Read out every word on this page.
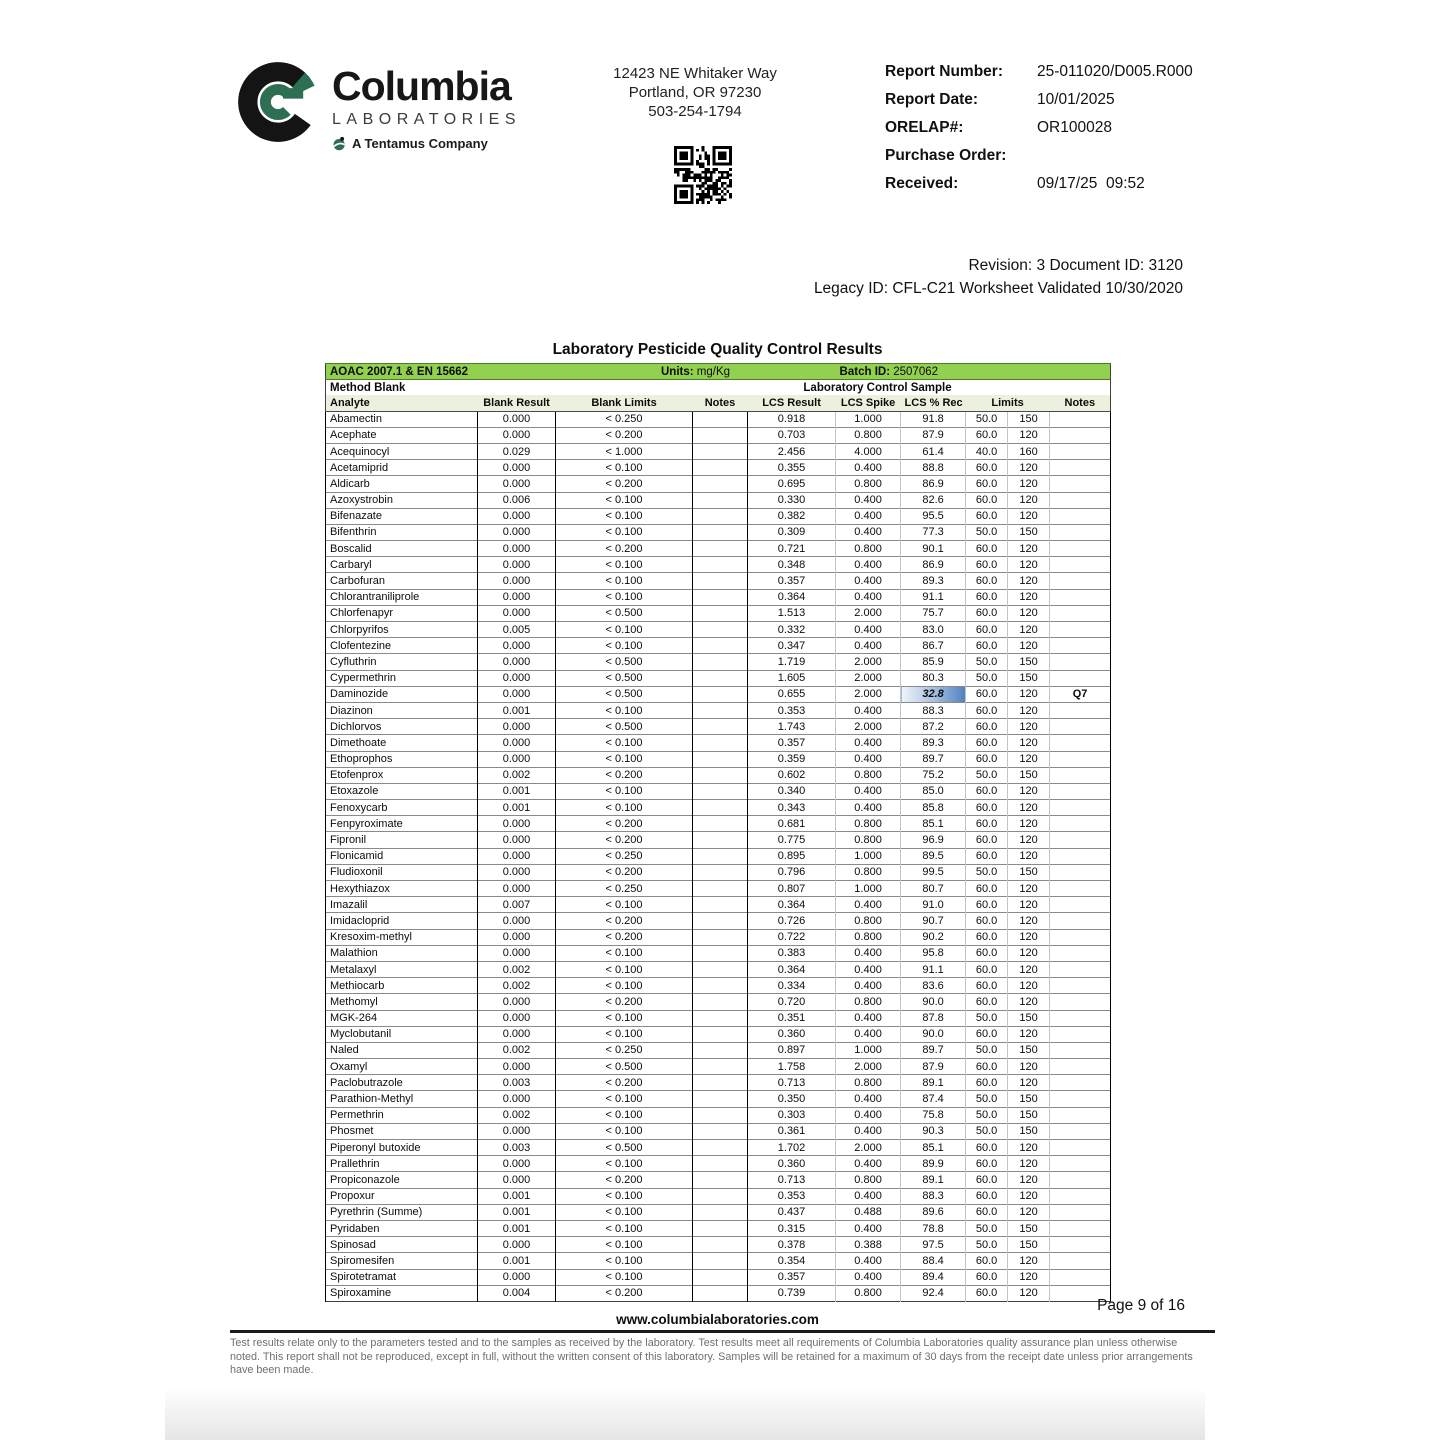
Columbia
LABORATORIES
A Tentamus Company
12423 NE Whitaker Way
Portland, OR 97230
503-254-1794
Report Number:	25-011020/D005.R000
Report Date:	10/01/2025
ORELAP#:	OR100028
Purchase Order:
Received:	09/17/25  09:52
Revision: 3 Document ID: 3120
Legacy ID: CFL-C21 Worksheet Validated 10/30/2020
Laboratory Pesticide Quality Control Results
AOAC 2007.1 & EN 15662		Units: mg/Kg			Batch ID: 2507062				
Method Blank				Laboratory Control Sample					
Analyte	Blank Result	Blank Limits	Notes	LCS Result	LCS Spike	LCS % Rec	Limits		Notes
Abamectin	0.000	< 0.250		0.918	1.000	91.8	50.0	150	
Acephate	0.000	< 0.200		0.703	0.800	87.9	60.0	120	
Acequinocyl	0.029	< 1.000		2.456	4.000	61.4	40.0	160	
Acetamiprid	0.000	< 0.100		0.355	0.400	88.8	60.0	120	
Aldicarb	0.000	< 0.200		0.695	0.800	86.9	60.0	120	
Azoxystrobin	0.006	< 0.100		0.330	0.400	82.6	60.0	120	
Bifenazate	0.000	< 0.100		0.382	0.400	95.5	60.0	120	
Bifenthrin	0.000	< 0.100		0.309	0.400	77.3	50.0	150	
Boscalid	0.000	< 0.200		0.721	0.800	90.1	60.0	120	
Carbaryl	0.000	< 0.100		0.348	0.400	86.9	60.0	120	
Carbofuran	0.000	< 0.100		0.357	0.400	89.3	60.0	120	
Chlorantraniliprole	0.000	< 0.100		0.364	0.400	91.1	60.0	120	
Chlorfenapyr	0.000	< 0.500		1.513	2.000	75.7	60.0	120	
Chlorpyrifos	0.005	< 0.100		0.332	0.400	83.0	60.0	120	
Clofentezine	0.000	< 0.100		0.347	0.400	86.7	60.0	120	
Cyfluthrin	0.000	< 0.500		1.719	2.000	85.9	50.0	150	
Cypermethrin	0.000	< 0.500		1.605	2.000	80.3	50.0	150	
Daminozide	0.000	< 0.500		0.655	2.000	32.8	60.0	120	Q7
Diazinon	0.001	< 0.100		0.353	0.400	88.3	60.0	120	
Dichlorvos	0.000	< 0.500		1.743	2.000	87.2	60.0	120	
Dimethoate	0.000	< 0.100		0.357	0.400	89.3	60.0	120	
Ethoprophos	0.000	< 0.100		0.359	0.400	89.7	60.0	120	
Etofenprox	0.002	< 0.200		0.602	0.800	75.2	50.0	150	
Etoxazole	0.001	< 0.100		0.340	0.400	85.0	60.0	120	
Fenoxycarb	0.001	< 0.100		0.343	0.400	85.8	60.0	120	
Fenpyroximate	0.000	< 0.200		0.681	0.800	85.1	60.0	120	
Fipronil	0.000	< 0.200		0.775	0.800	96.9	60.0	120	
Flonicamid	0.000	< 0.250		0.895	1.000	89.5	60.0	120	
Fludioxonil	0.000	< 0.200		0.796	0.800	99.5	50.0	150	
Hexythiazox	0.000	< 0.250		0.807	1.000	80.7	60.0	120	
Imazalil	0.007	< 0.100		0.364	0.400	91.0	60.0	120	
Imidacloprid	0.000	< 0.200		0.726	0.800	90.7	60.0	120	
Kresoxim-methyl	0.000	< 0.200		0.722	0.800	90.2	60.0	120	
Malathion	0.000	< 0.100		0.383	0.400	95.8	60.0	120	
Metalaxyl	0.002	< 0.100		0.364	0.400	91.1	60.0	120	
Methiocarb	0.002	< 0.100		0.334	0.400	83.6	60.0	120	
Methomyl	0.000	< 0.200		0.720	0.800	90.0	60.0	120	
MGK-264	0.000	< 0.100		0.351	0.400	87.8	50.0	150	
Myclobutanil	0.000	< 0.100		0.360	0.400	90.0	60.0	120	
Naled	0.002	< 0.250		0.897	1.000	89.7	50.0	150	
Oxamyl	0.000	< 0.500		1.758	2.000	87.9	60.0	120	
Paclobutrazole	0.003	< 0.200		0.713	0.800	89.1	60.0	120	
Parathion-Methyl	0.000	< 0.100		0.350	0.400	87.4	50.0	150	
Permethrin	0.002	< 0.100		0.303	0.400	75.8	50.0	150	
Phosmet	0.000	< 0.100		0.361	0.400	90.3	50.0	150	
Piperonyl butoxide	0.003	< 0.500		1.702	2.000	85.1	60.0	120	
Prallethrin	0.000	< 0.100		0.360	0.400	89.9	60.0	120	
Propiconazole	0.000	< 0.200		0.713	0.800	89.1	60.0	120	
Propoxur	0.001	< 0.100		0.353	0.400	88.3	60.0	120	
Pyrethrin (Summe)	0.001	< 0.100		0.437	0.488	89.6	60.0	120	
Pyridaben	0.001	< 0.100		0.315	0.400	78.8	50.0	150	
Spinosad	0.000	< 0.100		0.378	0.388	97.5	50.0	150	
Spiromesifen	0.001	< 0.100		0.354	0.400	88.4	60.0	120	
Spirotetramat	0.000	< 0.100		0.357	0.400	89.4	60.0	120	
Spiroxamine	0.004	< 0.200		0.739	0.800	92.4	60.0	120	
Page 9 of 16
www.columbialaboratories.com
Test results relate only to the parameters tested and to the samples as received by the laboratory. Test results meet all requirements of Columbia Laboratories quality assurance plan unless otherwise noted. This report shall not be reproduced, except in full, without the written consent of this laboratory. Samples will be retained for a maximum of 30 days from the receipt date unless prior arrangements have been made.
